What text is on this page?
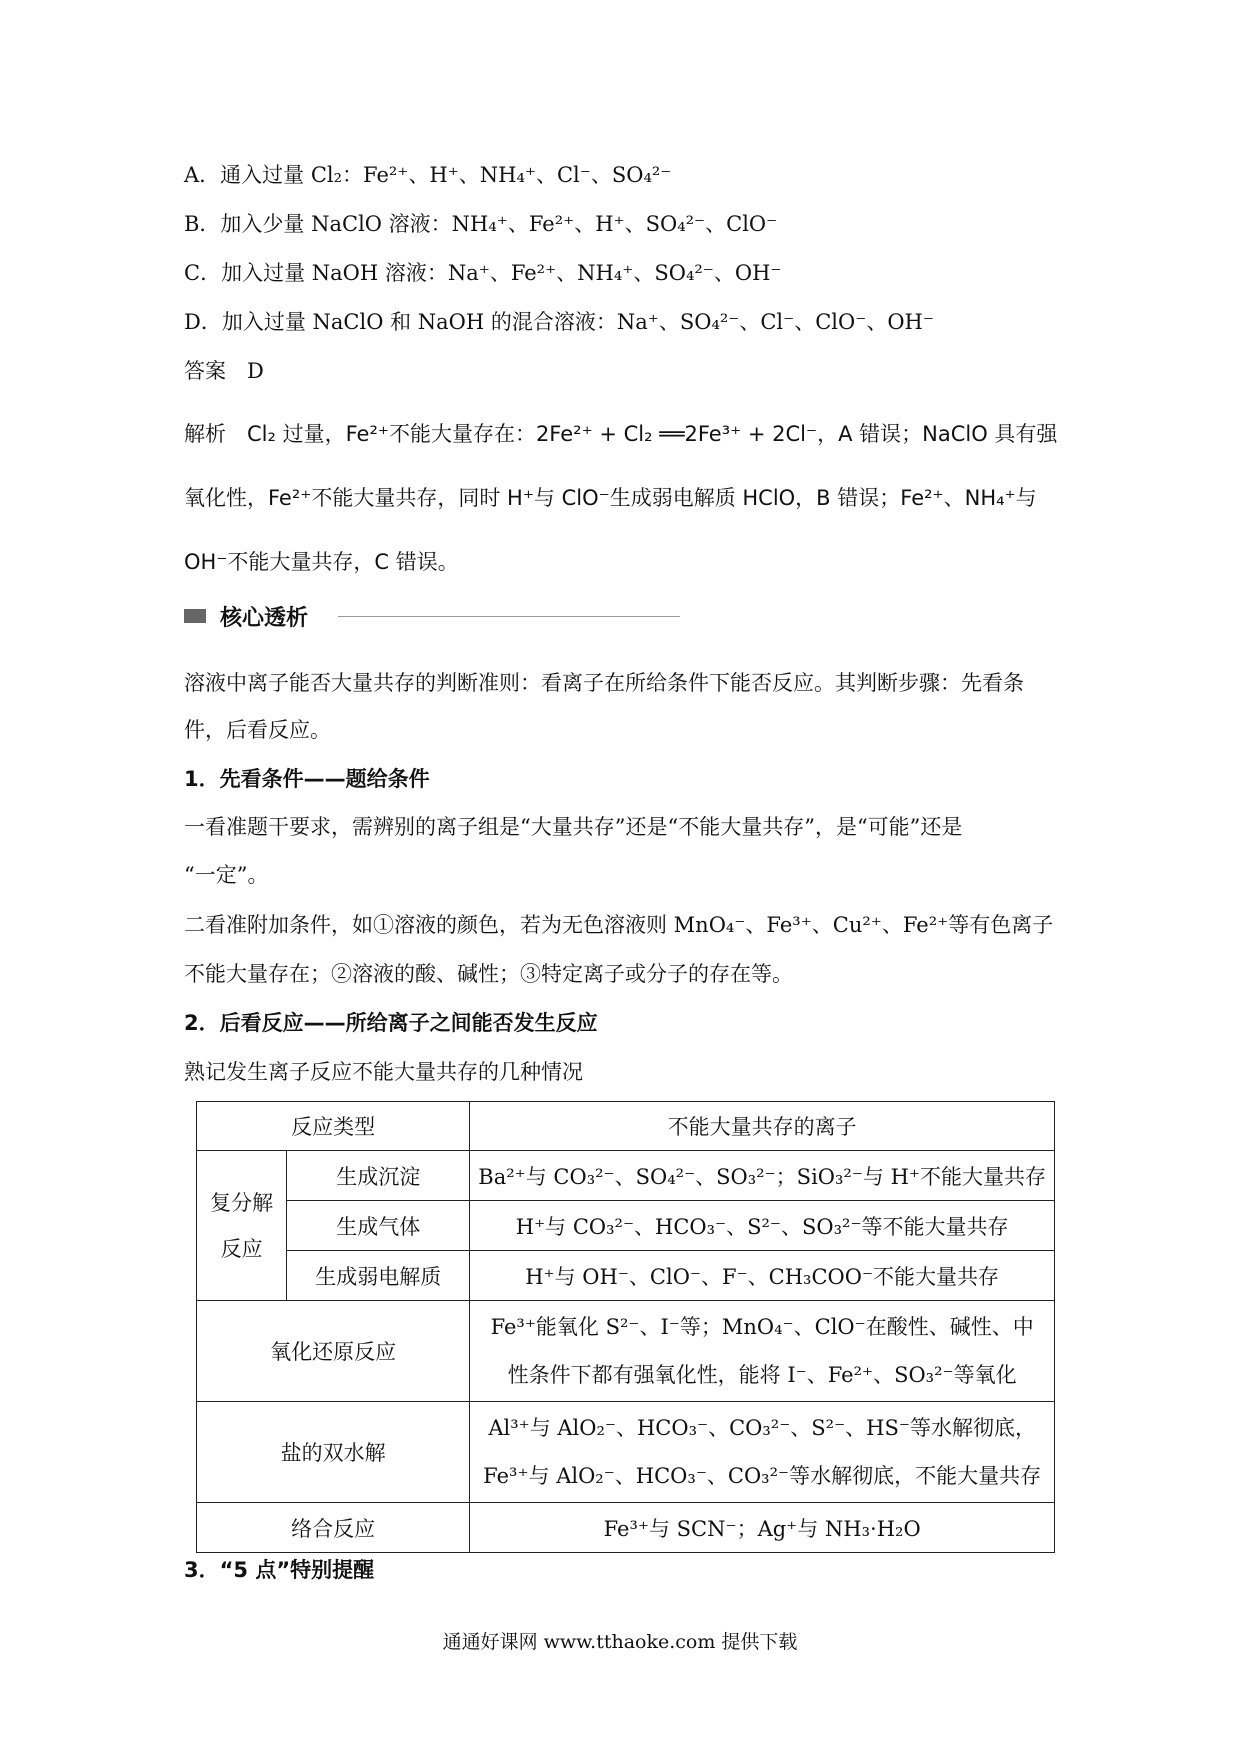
A．通入过量 Cl₂：Fe²⁺、H⁺、NH₄⁺、Cl⁻、SO₄²⁻
B．加入少量 NaClO 溶液：NH₄⁺、Fe²⁺、H⁺、SO₄²⁻、ClO⁻
C．加入过量 NaOH 溶液：Na⁺、Fe²⁺、NH₄⁺、SO₄²⁻、OH⁻
D．加入过量 NaClO 和 NaOH 的混合溶液：Na⁺、SO₄²⁻、Cl⁻、ClO⁻、OH⁻
答案　D
解析　Cl₂ 过量，Fe²⁺不能大量存在：2Fe²⁺ + Cl₂ ══2Fe³⁺ + 2Cl⁻，A 错误；NaClO 具有强
氧化性，Fe²⁺不能大量共存，同时 H⁺与 ClO⁻生成弱电解质 HClO，B 错误；Fe²⁺、NH₄⁺与
OH⁻不能大量共存，C 错误。
核心透析
溶液中离子能否大量共存的判断准则：看离子在所给条件下能否反应。其判断步骤：先看条
件，后看反应。
1．先看条件——题给条件
一看准题干要求，需辨别的离子组是“大量共存”还是“不能大量共存”，是“可能”还是
“一定”。
二看准附加条件，如①溶液的颜色，若为无色溶液则 MnO₄⁻、Fe³⁺、Cu²⁺、Fe²⁺等有色离子
不能大量存在；②溶液的酸、碱性；③特定离子或分子的存在等。
2．后看反应——所给离子之间能否发生反应
熟记发生离子反应不能大量共存的几种情况
反应类型		不能大量共存的离子
复分解反应	生成沉淀	Ba²⁺与 CO₃²⁻、SO₄²⁻、SO₃²⁻；SiO₃²⁻与 H⁺不能大量共存
	生成气体	H⁺与 CO₃²⁻、HCO₃⁻、S²⁻、SO₃²⁻等不能大量共存
	生成弱电解质	H⁺与 OH⁻、ClO⁻、F⁻、CH₃COO⁻不能大量共存
氧化还原反应		Fe³⁺能氧化 S²⁻、I⁻等；MnO₄⁻、ClO⁻在酸性、碱性、中性条件下都有强氧化性，能将 I⁻、Fe²⁺、SO₃²⁻等氧化
盐的双水解		Al³⁺与 AlO₂⁻、HCO₃⁻、CO₃²⁻、S²⁻、HS⁻等水解彻底，Fe³⁺与 AlO₂⁻、HCO₃⁻、CO₃²⁻等水解彻底，不能大量共存
络合反应		Fe³⁺与 SCN⁻；Ag⁺与 NH₃·H₂O
3．“5 点”特别提醒
通通好课网 www.tthaoke.com 提供下载
